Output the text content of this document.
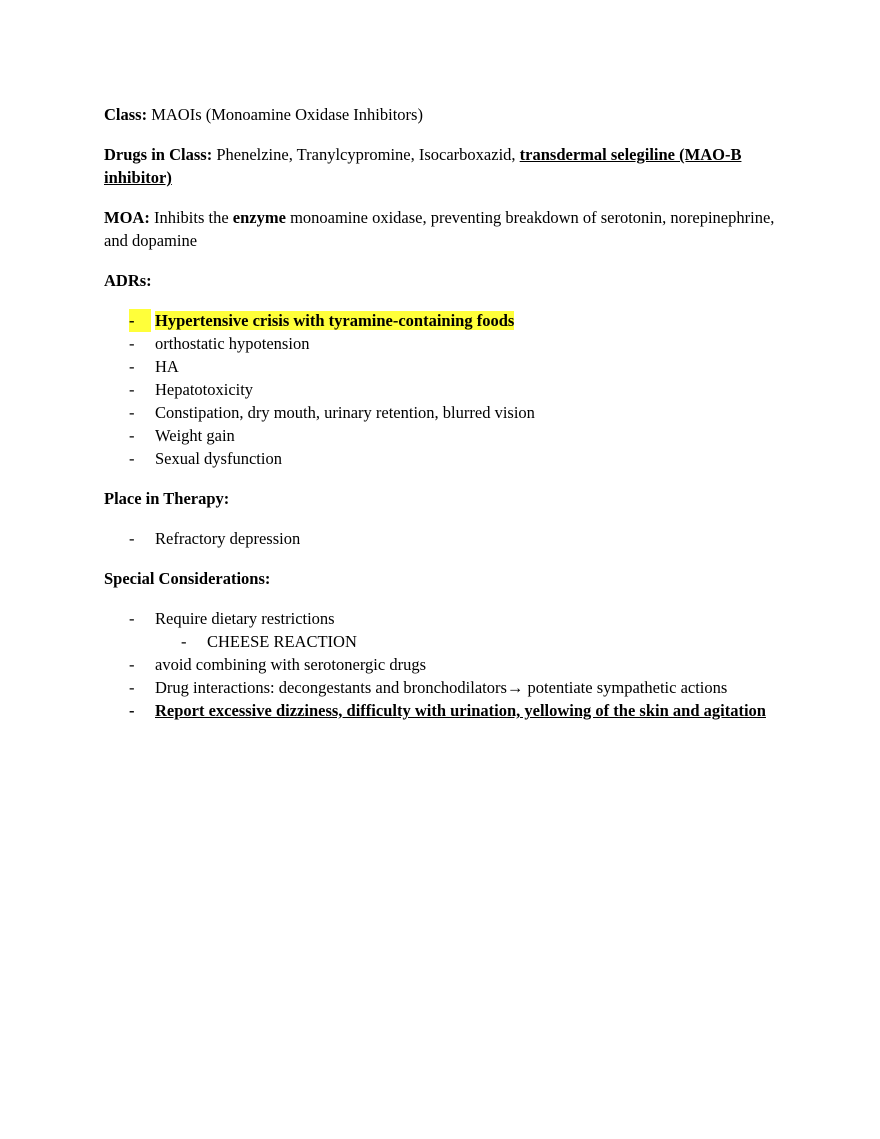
Class: MAOIs (Monoamine Oxidase Inhibitors)

Drugs in Class: Phenelzine, Tranylcypromine, Isocarboxazid, transdermal selegiline (MAO-B inhibitor)

MOA: Inhibits the enzyme monoamine oxidase, preventing breakdown of serotonin, norepinephrine, and dopamine

ADRs:

-	Hypertensive crisis with tyramine-containing foods
- orthostatic hypotension
- HA
- Hepatotoxicity
- Constipation, dry mouth, urinary retention, blurred vision
- Weight gain
- Sexual dysfunction

Place in Therapy:

- Refractory depression

Special Considerations:

- Require dietary restrictions
- CHEESE REACTION
- avoid combining with serotonergic drugs
- Drug interactions: decongestants and bronchodilators→ potentiate sympathetic actions
- Report excessive dizziness, difficulty with urination, yellowing of the skin and agitation
